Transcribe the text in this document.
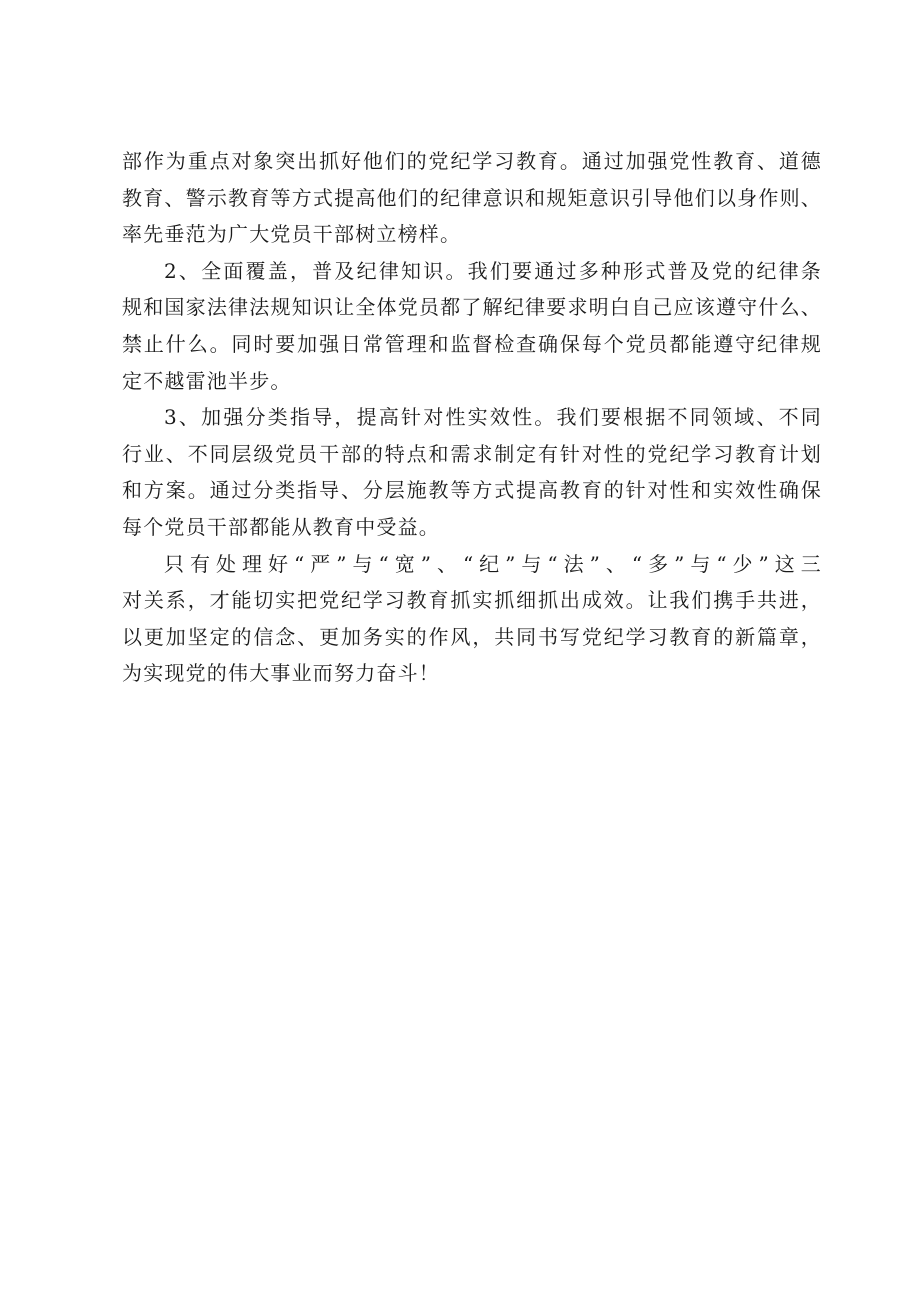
部作为重点对象突出抓好他们的党纪学习教育。通过加强党性教育、道德
教育、警示教育等方式提高他们的纪律意识和规矩意识引导他们以身作则、
率先垂范为广大党员干部树立榜样。
2、全面覆盖，普及纪律知识。我们要通过多种形式普及党的纪律条
规和国家法律法规知识让全体党员都了解纪律要求明白自己应该遵守什么、
禁止什么。同时要加强日常管理和监督检查确保每个党员都能遵守纪律规
定不越雷池半步。
3、加强分类指导，提高针对性实效性。我们要根据不同领域、不同
行业、不同层级党员干部的特点和需求制定有针对性的党纪学习教育计划
和方案。通过分类指导、分层施教等方式提高教育的针对性和实效性确保
每个党员干部都能从教育中受益。
只有处理好“严”与“宽”、“纪”与“法”、“多”与“少”这三
对关系，才能切实把党纪学习教育抓实抓细抓出成效。让我们携手共进，
以更加坚定的信念、更加务实的作风，共同书写党纪学习教育的新篇章，
为实现党的伟大事业而努力奋斗！
